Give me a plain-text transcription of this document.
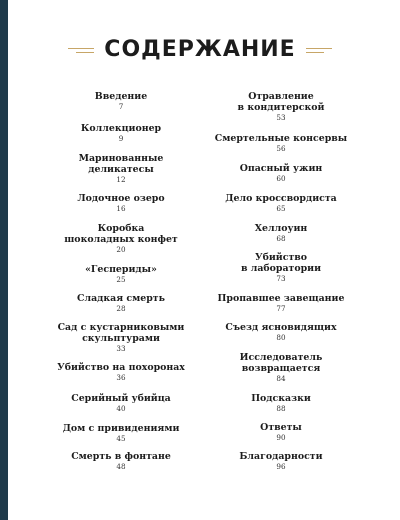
СОДЕРЖАНИЕ
Введение
7
Коллекционер
9
Маринованные
деликатесы
12
Лодочное озеро
16
Коробка
шоколадных конфет
20
«Геспериды»
25
Сладкая смерть
28
Сад с кустарниковыми
скульптурами
33
Убийство на похоронах
36
Серийный убийца
40
Дом с привидениями
45
Смерть в фонтане
48
Отравление
в кондитерской
53
Смертельные консервы
56
Опасный ужин
60
Дело кроссвордиста
65
Хеллоуин
68
Убийство
в лаборатории
73
Пропавшее завещание
77
Съезд ясновидящих
80
Исследователь
возвращается
84
Подсказки
88
Ответы
90
Благодарности
96
